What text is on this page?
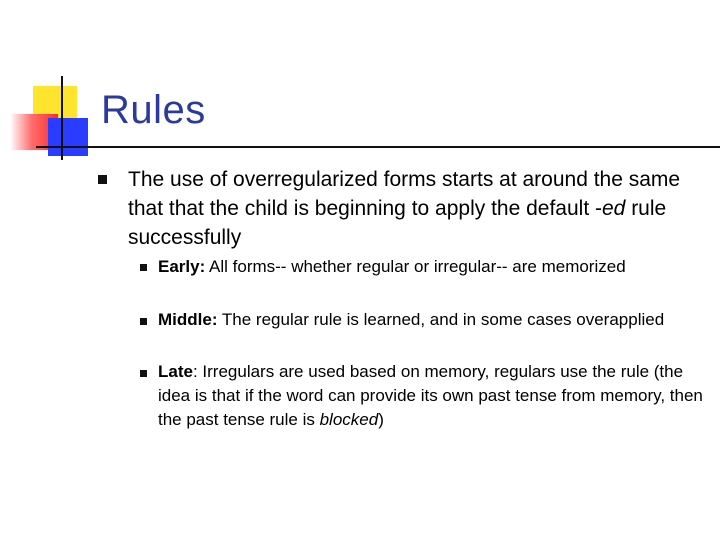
Rules
The use of overregularized forms starts at around the same that that the child is beginning to apply the default -ed rule successfully
Early: All forms-- whether regular or irregular-- are memorized
Middle: The regular rule is learned, and in some cases overapplied
Late: Irregulars are used based on memory, regulars use the rule (the idea is that if the word can provide its own past tense from memory, then the past tense rule is blocked)
